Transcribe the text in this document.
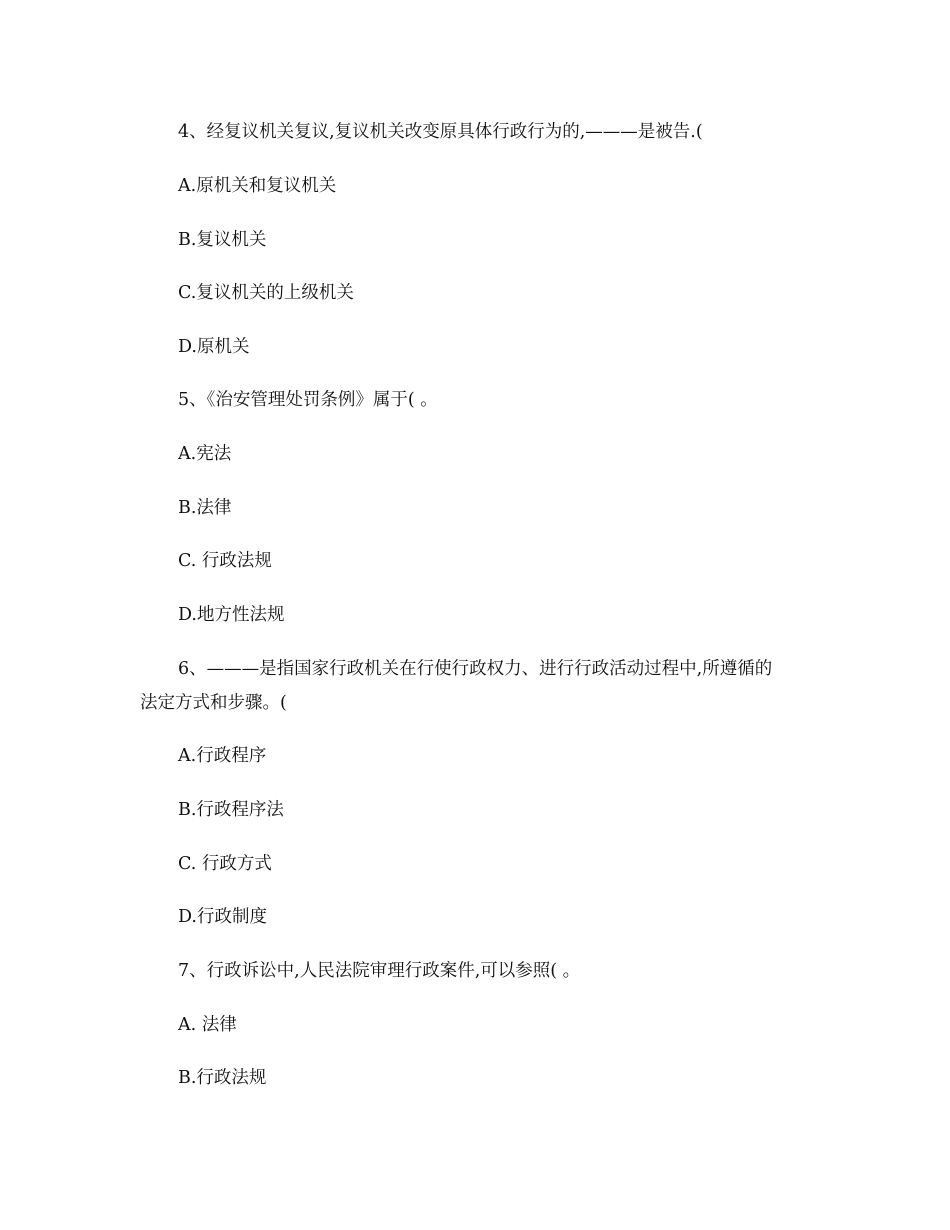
4、经复议机关复议,复议机关改变原具体行政行为的,———是被告.(
A.原机关和复议机关
B.复议机关
C.复议机关的上级机关
D.原机关
5、《治安管理处罚条例》属于( 。
A.宪法
B.法律
C. 行政法规
D.地方性法规
6、———是指国家行政机关在行使行政权力、进行行政活动过程中,所遵循的
法定方式和步骤。(
A.行政程序
B.行政程序法
C. 行政方式
D.行政制度
7、行政诉讼中,人民法院审理行政案件,可以参照( 。
A. 法律
B.行政法规
